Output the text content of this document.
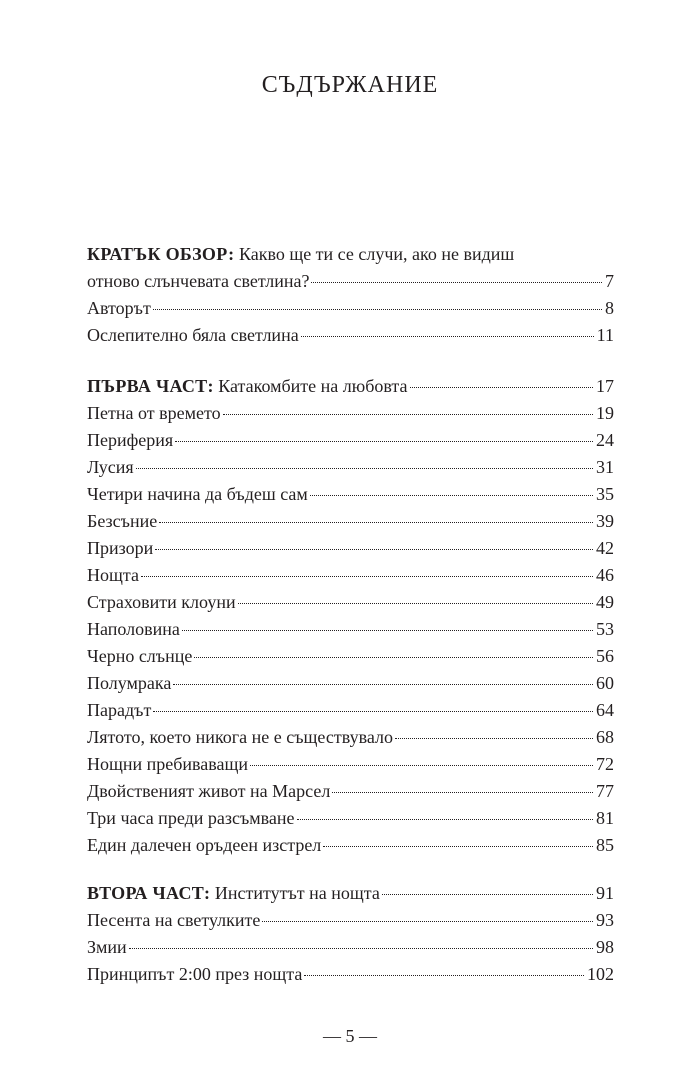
СЪДЪРЖАНИЕ
КРАТЪК ОБЗОР: Какво ще ти се случи, ако не видиш
отново слънчевата светлина?	7
Авторът	8
Ослепително бяла светлина	11
ПЪРВА ЧАСТ: Катакомбите на любовта	17
Петна от времето	19
Периферия	24
Лусия	31
Четири начина да бъдеш сам	35
Безсъние	39
Призори	42
Нощта	46
Страховити клоуни	49
Наполовина	53
Черно слънце	56
Полумрака	60
Парадът	64
Лятото, което никога не е съществувало	68
Нощни пребиваващи	72
Двойственият живот на Марсел	77
Три часа преди разсъмване	81
Един далечен оръдеен изстрел	85
ВТОРА ЧАСТ: Институтът на нощта	91
Песента на светулките	93
Змии	98
Принципът 2:00 през нощта	102
— 5 —
